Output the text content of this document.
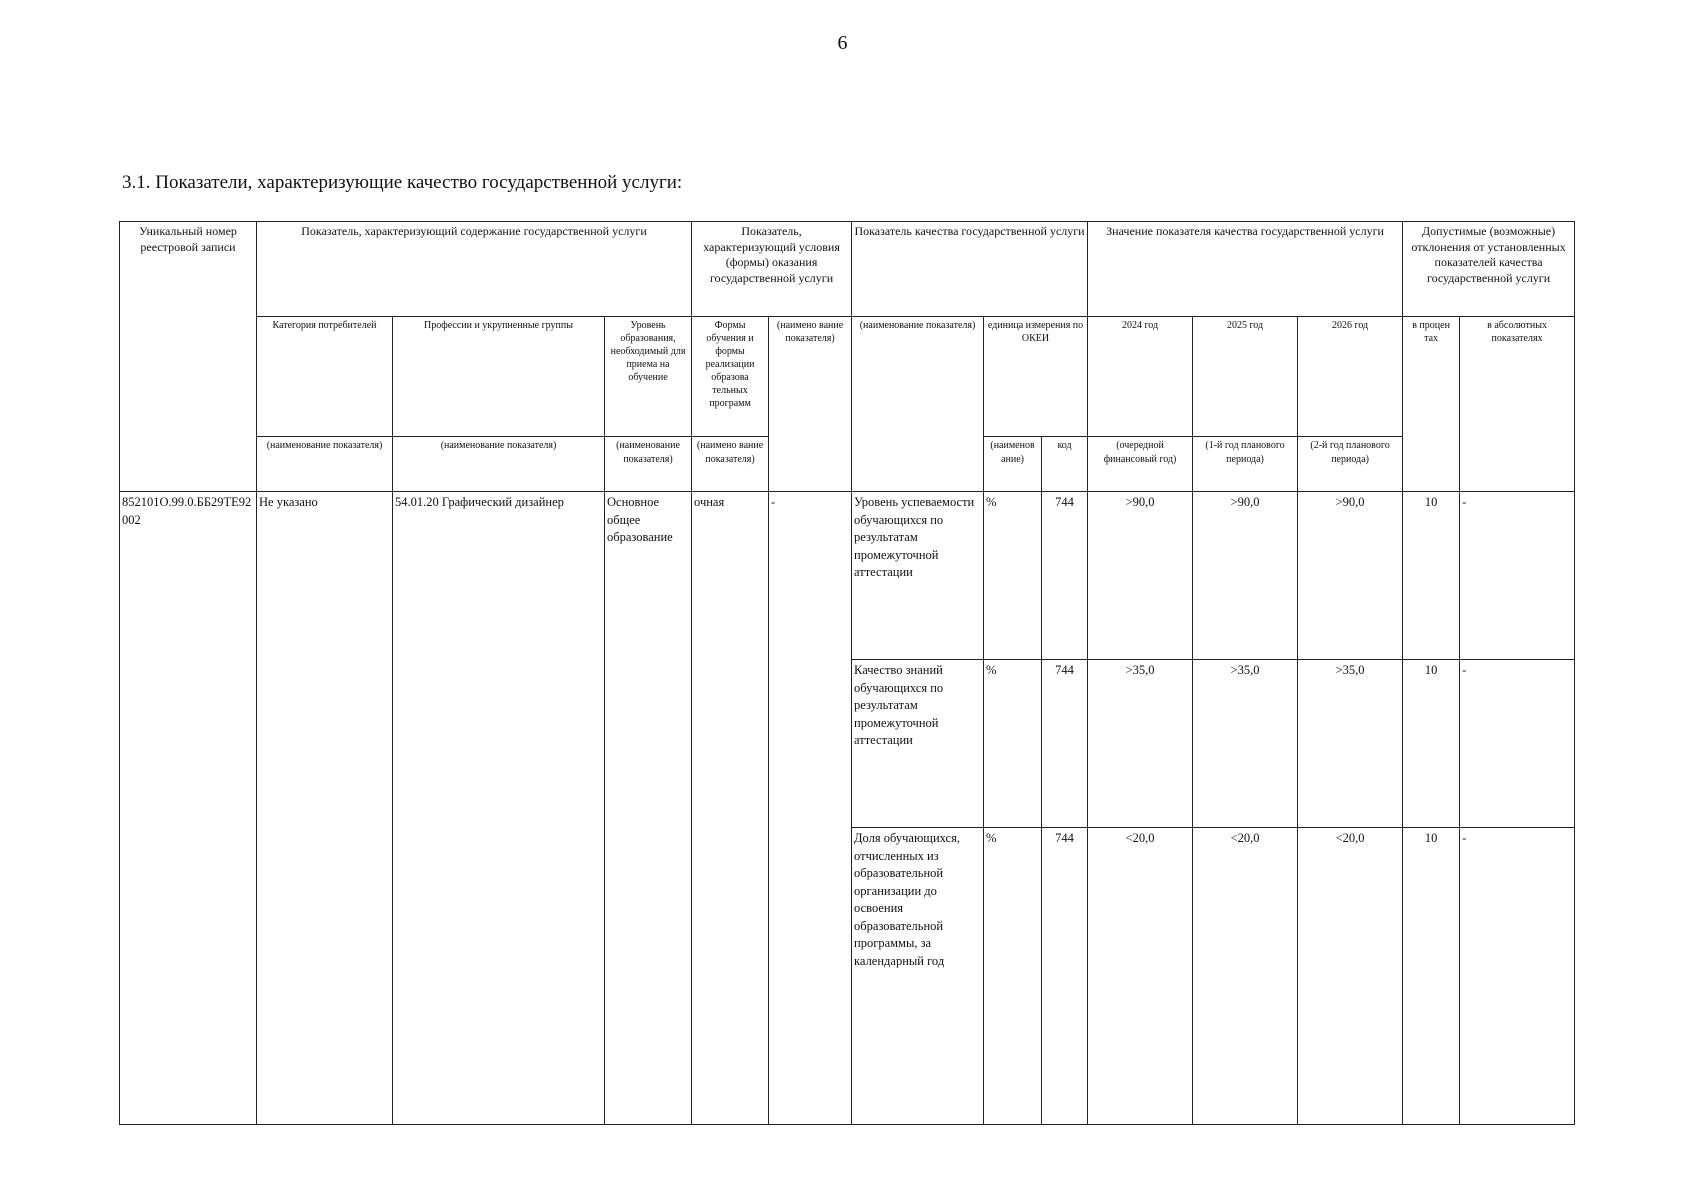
6
3.1. Показатели, характеризующие качество государственной услуги:
Уникальный номер реестровой записи	Показатель, характеризующий содержание государственной услуги			Показатель, характеризующий условия (формы) оказания государственной услуги		Показатель качества государственной услуги			Значение показателя качества государственной услуги			Допустимые (возможные) отклонения от установленных показателей качества государственной услуги	
	Категория потребителей	Профессии и укрупненные группы	Уровень образования, необходимый для приема на обучение	Формы обучения и формы реализации образова тельных программ	(наимено вание показателя)	(наименование показателя)	единица измерения по ОКЕИ		2024 год	2025 год	2026 год	в процен тах	в абсолютных показателях
	(наименование показателя)	(наименование показателя)	(наименование показателя)	(наимено вание показателя)			(наименов ание)	код	(очередной финансовый год)	(1-й год планового периода)	(2-й год планового периода)		
852101О.99.0.ББ29ТЕ92002	Не указано	54.01.20 Графический дизайнер	Основное общее образование	очная	-	Уровень успеваемости обучающихся по результатам промежуточной аттестации	%	744	>90,0	>90,0	>90,0	10	-
						Качество знаний обучающихся по результатам промежуточной аттестации	%	744	>35,0	>35,0	>35,0	10	-
						Доля обучающихся, отчисленных из образовательной организации до освоения образовательной программы, за календарный год	%	744	<20,0	<20,0	<20,0	10	-
